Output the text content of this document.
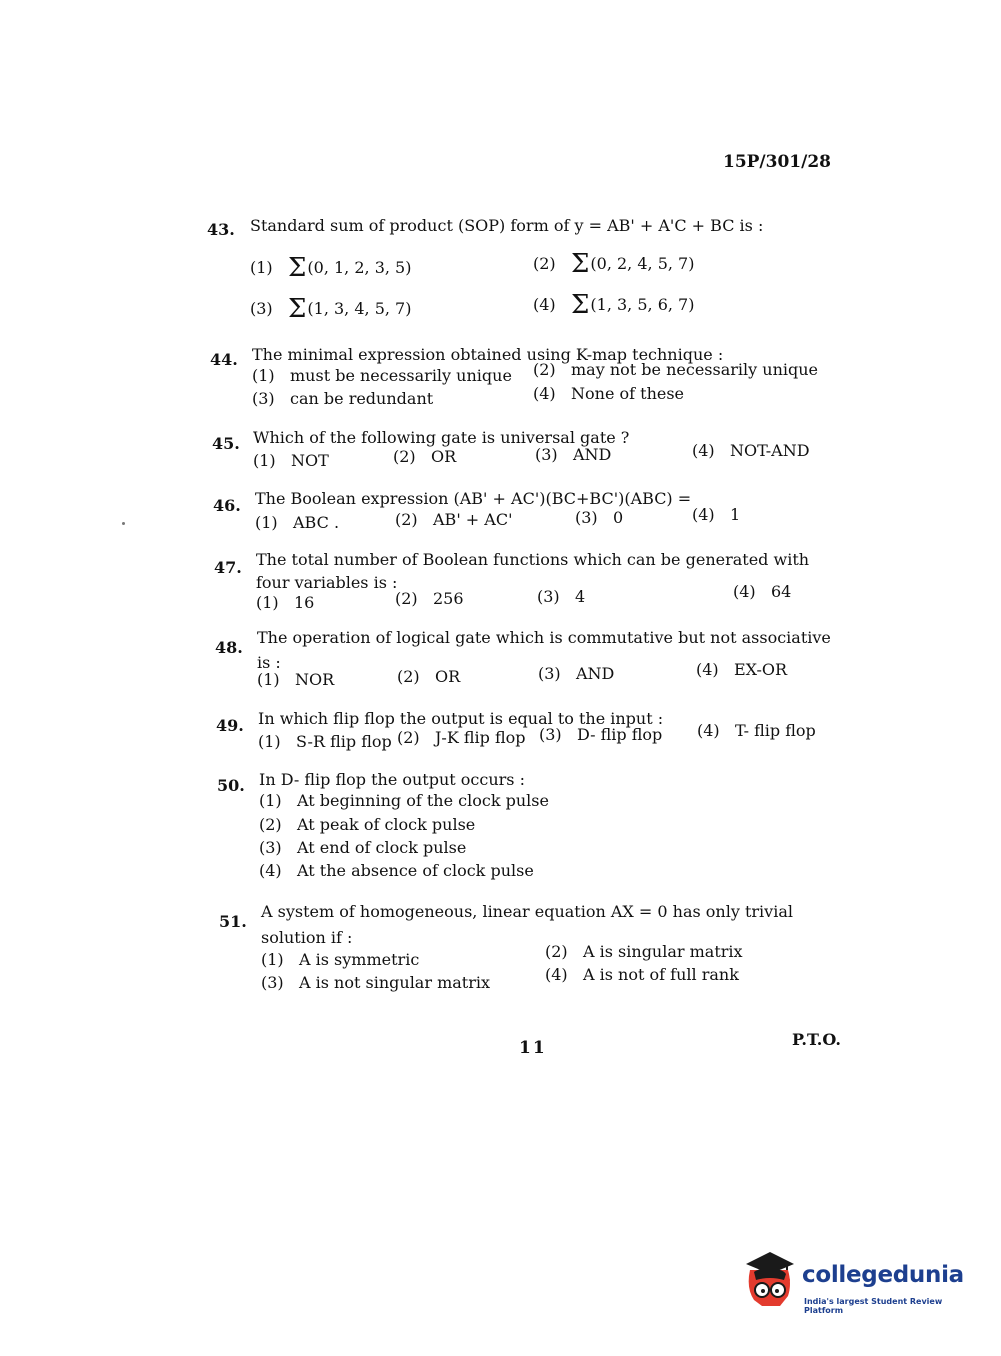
15P/301/28
43. Standard sum of product (SOP) form of y = AB' + A'C + BC is :
(1) Σ(0, 1, 2, 3, 5)	(2) Σ(0, 2, 4, 5, 7)
(3) Σ(1, 3, 4, 5, 7)	(4) Σ(1, 3, 5, 6, 7)
44. The minimal expression obtained using K-map technique :
(1) must be necessarily unique (2) may not be necessarily unique
(3) can be redundant	(4) None of these
45. Which of the following gate is universal gate ?
(1) NOT	(2) OR	(3) AND	(4) NOT-AND
46. The Boolean expression (AB' + AC')(BC+BC')(ABC) =
(1) ABC .	(2) AB' + AC'	(3) 0	(4) 1
47. The total number of Boolean functions which can be generated with
four variables is :
(1) 16	(2) 256	(3) 4	(4) 64
48.
The operation of logical gate which is commutative but not associative
is :
(1) NOR	(2) OR	(3) AND	(4) EX-OR
49. In which flip flop the output is equal to the input :
(1) S-R flip flop (2) J-K flip flop (3) D- flip flop (4) T- flip flop
50. In D- flip flop the output occurs :
(1) At beginning of the clock pulse
(2) At peak of clock pulse
(3) At end of clock pulse
(4) At the absence of clock pulse
51.
A system of homogeneous, linear equation AX = 0 has only trivial
solution if :
(1) A is symmetric	(2) A is singular matrix
(3) A is not singular matrix	(4) A is not of full rank
11	P.T.O.
collegedunia
India's largest Student Review Platform
